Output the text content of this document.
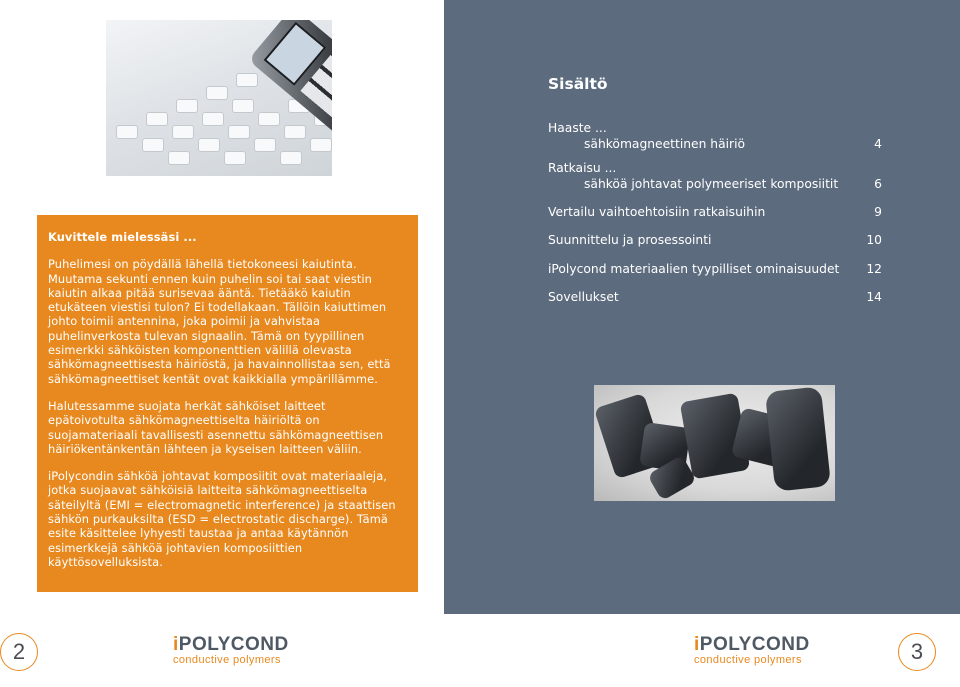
Kuvittele mielessäsi ...

Puhelimesi on pöydällä lähellä tietokoneesi kaiutinta. Muutama sekunti ennen kuin puhelin soi tai saat viestin kaiutin alkaa pitää surisevaa ääntä. Tietääkö kaiutin etukäteen viestisi tulon? Ei todellakaan. Tällöin kaiuttimen johto toimii antennina, joka poimii ja vahvistaa puhelinverkosta tulevan signaalin. Tämä on tyypillinen esimerkki sähköisten komponenttien välillä olevasta sähkömagneettisesta häiriöstä, ja havainnollistaa sen, että sähkömagneettiset kentät ovat kaikkialla ympärillämme.

Halutessamme suojata herkät sähköiset laitteet epätoivotulta sähkömagneettiselta häiriöltä on suojamateriaali tavallisesti asennettu sähkömagneettisen häiriökentänkentän lähteen ja kyseisen laitteen väliin.

iPolycondin sähköä johtavat komposiitit ovat materiaaleja, jotka suojaavat sähköisiä laitteita sähkömagneettiselta säteilyltä (EMI = electromagnetic interference) ja staattisen sähkön purkauksilta (ESD = electrostatic discharge). Tämä esite käsittelee lyhyesti taustaa ja antaa käytännön esimerkkejä sähköä johtavien komposiittien käyttösovelluksista.

Sisältö
Haaste ...
sähkömagneettinen häiriö	4
Ratkaisu ...
sähköä johtavat polymeeriset komposiitit	6
Vertailu vaihtoehtoisiin ratkaisuihin	9
Suunnittelu ja prosessointi	10
iPolycond materiaalien tyypilliset ominaisuudet	12
Sovellukset	14
2	iPOLYCOND
conductive polymers
iPOLYCOND
conductive polymers	3
